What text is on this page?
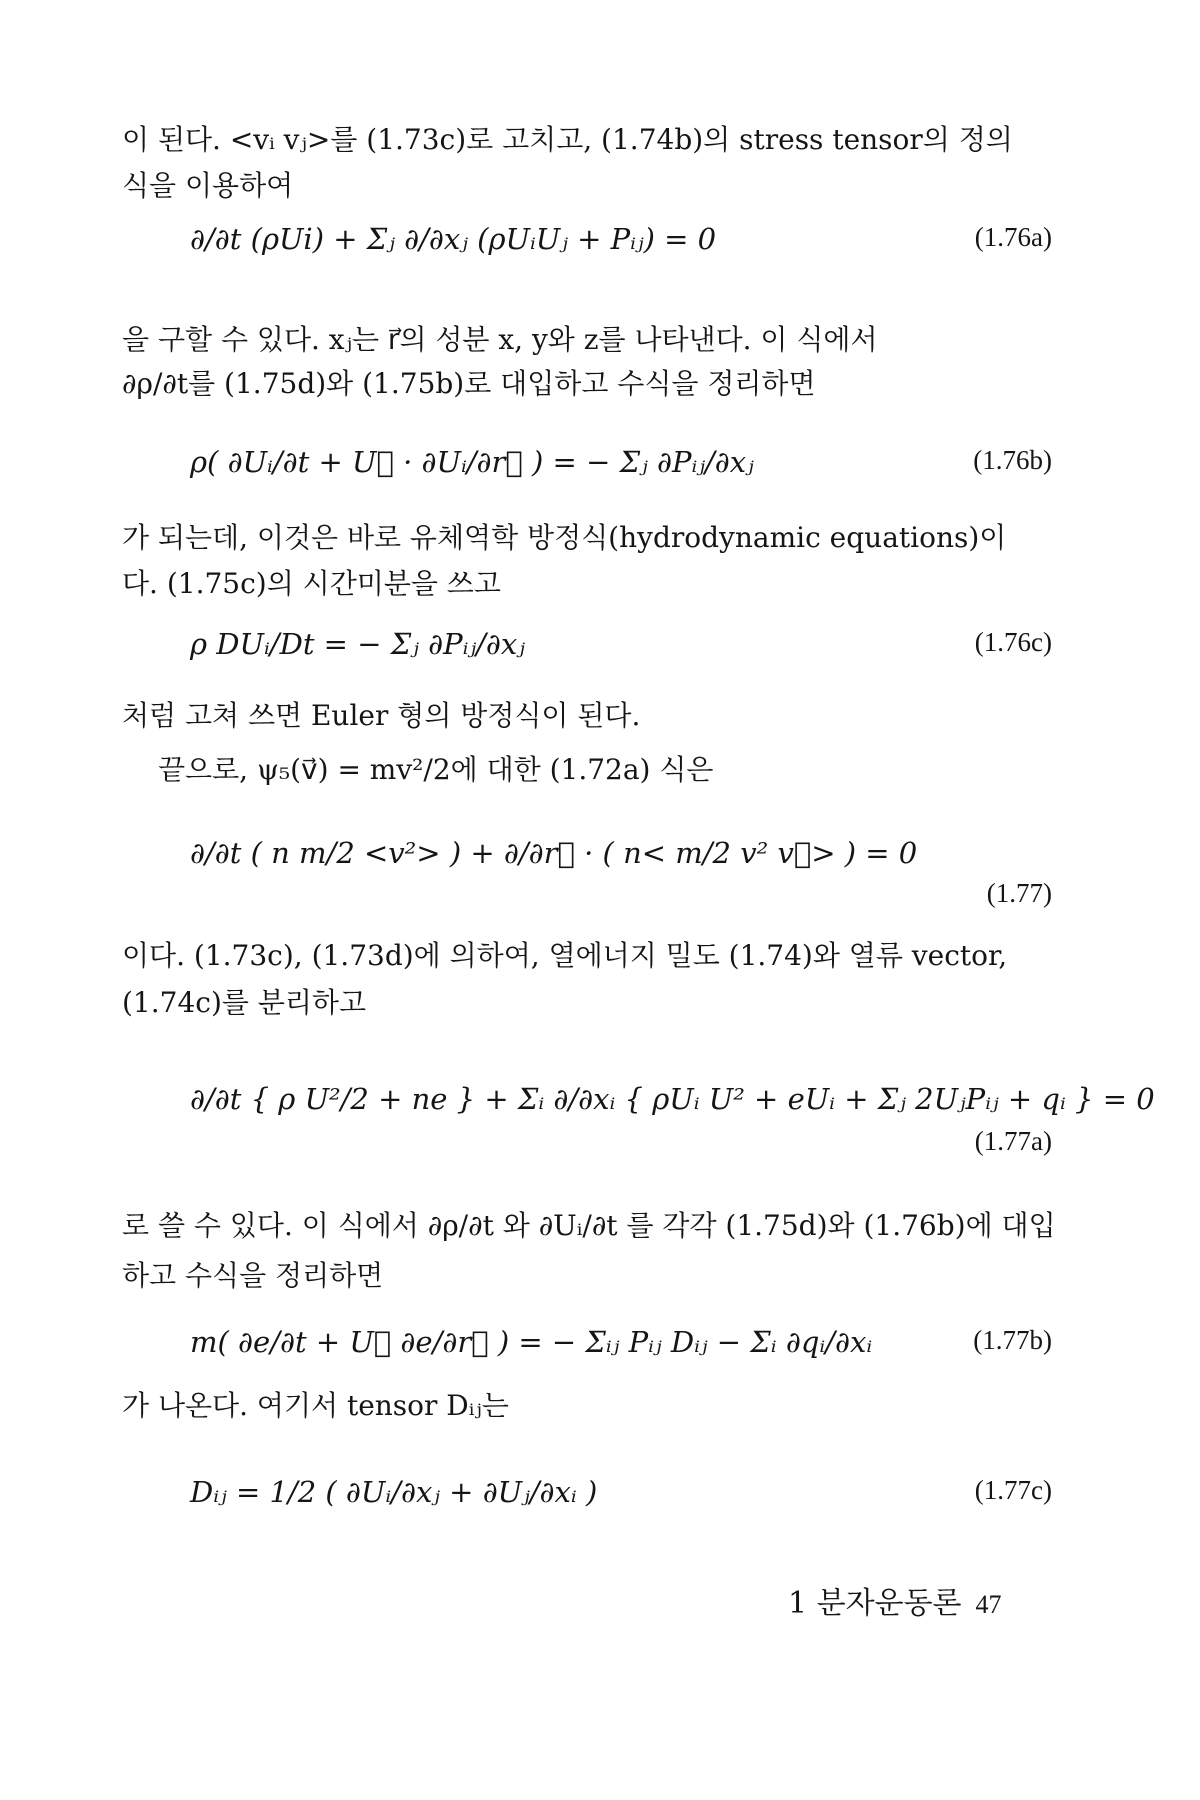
이 된다. <vᵢ vⱼ>를 (1.73c)로 고치고, (1.74b)의 stress tensor의 정의
식을 이용하여
∂/∂t (ρUi) + Σⱼ ∂/∂xⱼ (ρUᵢUⱼ + Pᵢⱼ) = 0	(1.76a)
을 구할 수 있다. xⱼ는 r⃗의 성분 x, y와 z를 나타낸다. 이 식에서
∂ρ/∂t를 (1.75d)와 (1.75b)로 대입하고 수식을 정리하면
ρ( ∂Uᵢ/∂t + U⃗ · ∂Uᵢ/∂r⃗ ) = − Σⱼ ∂Pᵢⱼ/∂xⱼ	(1.76b)
가 되는데, 이것은 바로 유체역학 방정식(hydrodynamic equations)이
다. (1.75c)의 시간미분을 쓰고
ρ DUᵢ/Dt = − Σⱼ ∂Pᵢⱼ/∂xⱼ	(1.76c)
처럼 고쳐 쓰면 Euler 형의 방정식이 된다.
끝으로, ψ₅(v⃗) = mv²/2에 대한 (1.72a) 식은
∂/∂t ( n m/2 <v²> ) + ∂/∂r⃗ · ( n< m/2 v² v⃗> ) = 0
(1.77)
이다. (1.73c), (1.73d)에 의하여, 열에너지 밀도 (1.74)와 열류 vector,
(1.74c)를 분리하고
∂/∂t { ρ U²/2 + ne } + Σᵢ ∂/∂xᵢ { ρUᵢ U² + eUᵢ + Σⱼ 2UⱼPᵢⱼ + qᵢ } = 0
(1.77a)
로 쓸 수 있다. 이 식에서 ∂ρ/∂t 와 ∂Uᵢ/∂t 를 각각 (1.75d)와 (1.76b)에 대입
하고 수식을 정리하면
m( ∂e/∂t + U⃗ ∂e/∂r⃗ ) = − Σᵢⱼ Pᵢⱼ Dᵢⱼ − Σᵢ ∂qᵢ/∂xᵢ	(1.77b)
가 나온다. 여기서 tensor Dᵢⱼ는
Dᵢⱼ = 1/2 ( ∂Uᵢ/∂xⱼ + ∂Uⱼ/∂xᵢ )	(1.77c)
1 분자운동론 47
